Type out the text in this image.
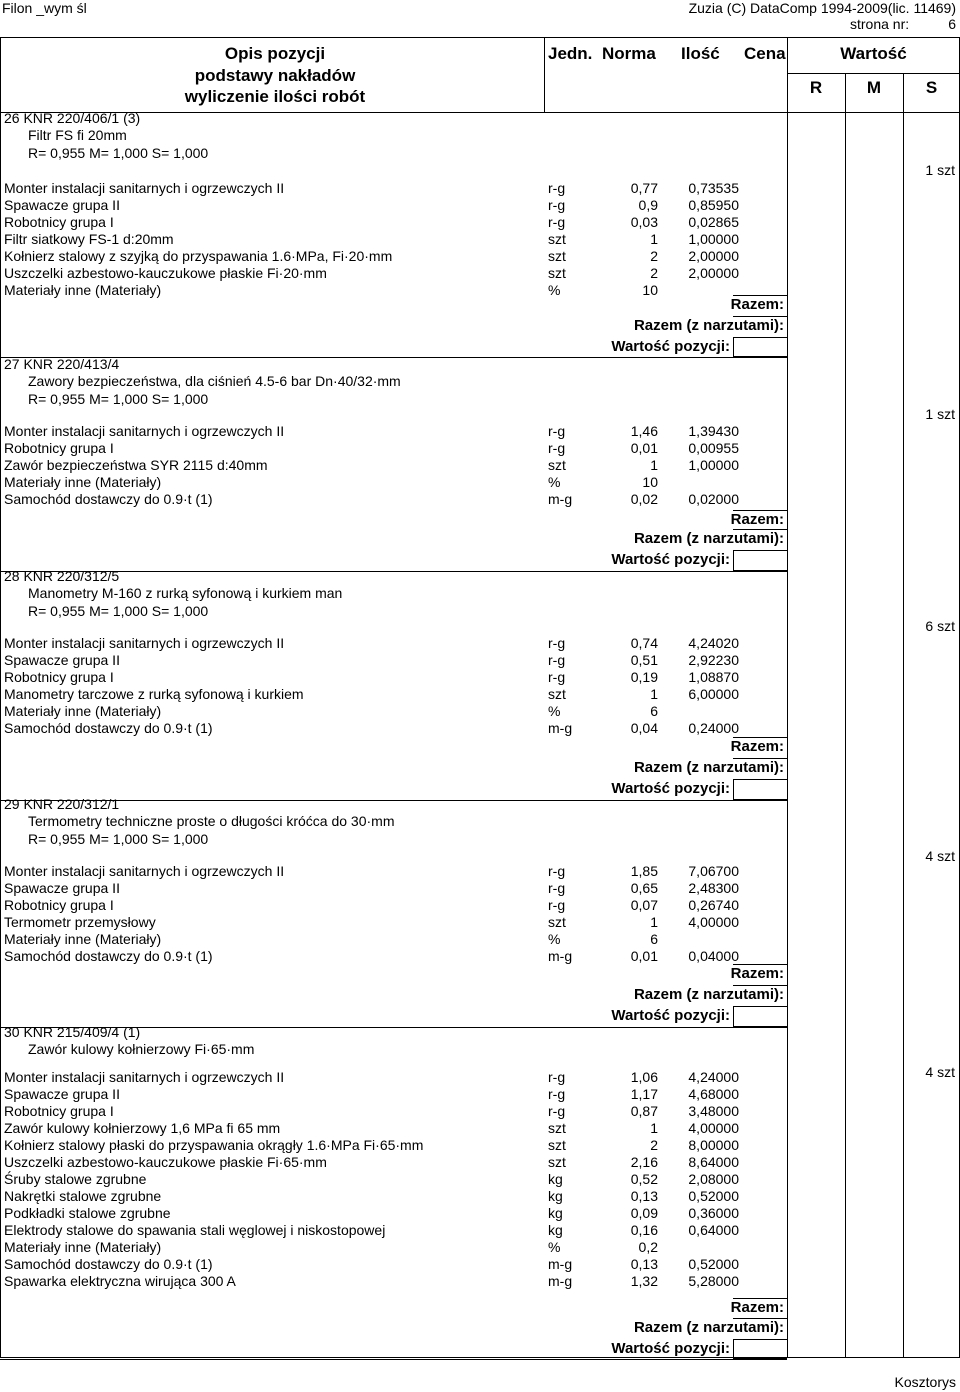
Filon _wym śl	Zuzia (C) DataComp 1994-2009(lic. 11469)
strona nr:	6
Opis pozycji
podstawy nakładów
wyliczenie ilości robót
Jedn. Norma Ilość Cena	Wartość
R	M	S
26 KNR 220/406/1 (3)
Filtr FS fi 20mm
R= 0,955 M= 1,000 S= 1,000
1 szt
Monter instalacji sanitarnych i ogrzewczych II	r-g	0,77	0,73535
Spawacze grupa II	r-g	0,9	0,85950
Robotnicy grupa I	r-g	0,03	0,02865
Filtr siatkowy FS-1 d:20mm	szt	1	1,00000
Kołnierz stalowy z szyjką do przyspawania 1.6·MPa, Fi·20·mm	szt	2	2,00000
Uszczelki azbestowo-kauczukowe płaskie Fi·20·mm	szt	2	2,00000
Materiały inne (Materiały)	%	10
Razem:
Razem (z narzutami):
Wartość pozycji:
27 KNR 220/413/4
Zawory bezpieczeństwa, dla ciśnień 4.5-6 bar Dn·40/32·mm
R= 0,955 M= 1,000 S= 1,000
1 szt
Monter instalacji sanitarnych i ogrzewczych II	r-g	1,46	1,39430
Robotnicy grupa I	r-g	0,01	0,00955
Zawór bezpieczeństwa SYR 2115 d:40mm	szt	1	1,00000
Materiały inne (Materiały)	%	10
Samochód dostawczy do 0.9·t (1)	m-g	0,02	0,02000
Razem:
Razem (z narzutami):
Wartość pozycji:
28 KNR 220/312/5
Manometry M-160 z rurką syfonową i kurkiem man
R= 0,955 M= 1,000 S= 1,000
6 szt
Monter instalacji sanitarnych i ogrzewczych II	r-g	0,74	4,24020
Spawacze grupa II	r-g	0,51	2,92230
Robotnicy grupa I	r-g	0,19	1,08870
Manometry tarczowe z rurką syfonową i kurkiem	szt	1	6,00000
Materiały inne (Materiały)	%	6
Samochód dostawczy do 0.9·t (1)	m-g	0,04	0,24000
Razem:
Razem (z narzutami):
Wartość pozycji:
29 KNR 220/312/1
Termometry techniczne proste o długości króćca do 30·mm
R= 0,955 M= 1,000 S= 1,000
4 szt
Monter instalacji sanitarnych i ogrzewczych II	r-g	1,85	7,06700
Spawacze grupa II	r-g	0,65	2,48300
Robotnicy grupa I	r-g	0,07	0,26740
Termometr przemysłowy	szt	1	4,00000
Materiały inne (Materiały)	%	6
Samochód dostawczy do 0.9·t (1)	m-g	0,01	0,04000
Razem:
Razem (z narzutami):
Wartość pozycji:
30 KNR 215/409/4 (1)
Zawór kulowy kołnierzowy Fi·65·mm
4 szt
Monter instalacji sanitarnych i ogrzewczych II	r-g	1,06	4,24000
Spawacze grupa II	r-g	1,17	4,68000
Robotnicy grupa I	r-g	0,87	3,48000
Zawór kulowy kołnierzowy 1,6 MPa fi 65 mm	szt	1	4,00000
Kołnierz stalowy płaski do przyspawania okrągły 1.6·MPa Fi·65·mm	szt	2	8,00000
Uszczelki azbestowo-kauczukowe płaskie Fi·65·mm	szt	2,16	8,64000
Śruby stalowe zgrubne	kg	0,52	2,08000
Nakrętki stalowe zgrubne	kg	0,13	0,52000
Podkładki stalowe zgrubne	kg	0,09	0,36000
Elektrody stalowe do spawania stali węglowej i niskostopowej	kg	0,16	0,64000
Materiały inne (Materiały)	%	0,2
Samochód dostawczy do 0.9·t (1)	m-g	0,13	0,52000
Spawarka elektryczna wirująca 300 A	m-g	1,32	5,28000
Razem:
Razem (z narzutami):
Wartość pozycji:
Kosztorys
